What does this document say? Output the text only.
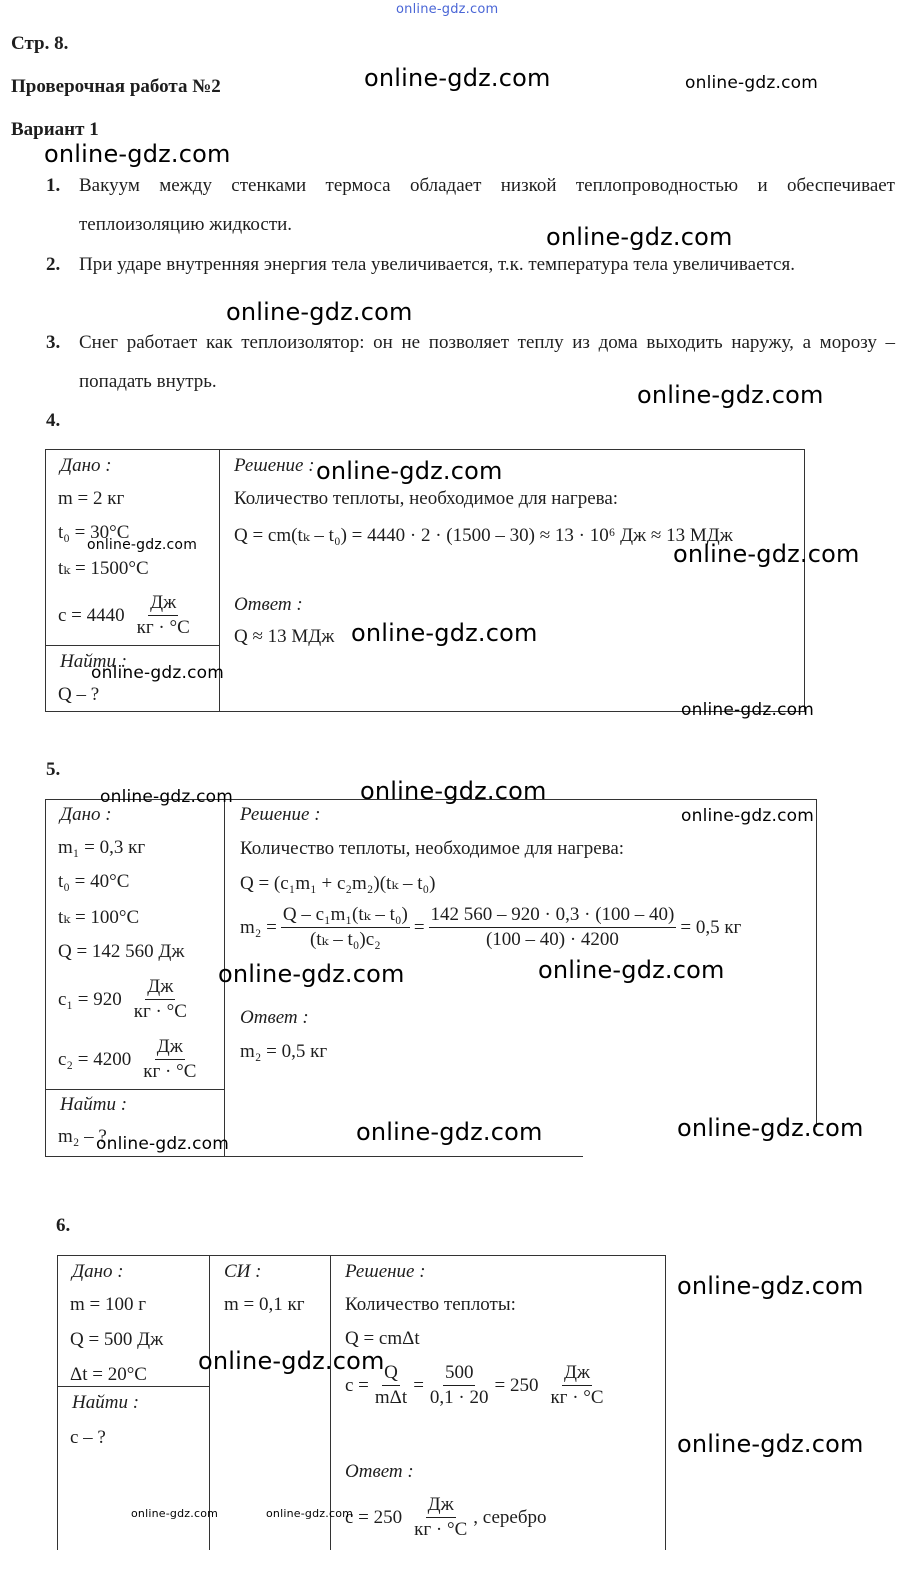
online-gdz.com
Стр. 8.
Проверочная работа №2
Вариант 1
1. Вакуум между стенками термоса обладает низкой теплопроводностью и обеспечивает теплоизоляцию жидкости.
2. При ударе внутренняя энергия тела увеличивается, т.к. температура тела увеличивается.
3. Снег работает как теплоизолятор: он не позволяет теплу из дома выходить наружу, а морозу – попадать внутрь.
4.
Дано :
m = 2 кг
t₀ = 30°C
tₖ = 1500°C
$c = 4440 \frac{Дж}{кг \cdot ^\circ C}$
Найти :
Q – ?
Решение :
Количество теплоты, необходимое для нагрева:
Q = cm(tₖ – t₀) = 4440 · 2 · (1500 – 30) ≈ 13 · 10⁶ Дж ≈ 13 МДж
Ответ :
Q ≈ 13 МДж
5.
Дано :
m₁ = 0,3 кг
t₀ = 40°C
tₖ = 100°C
Q = 142 560 Дж
$c_1 = 920 \frac{Дж}{кг \cdot ^\circ C}$
$c_2 = 4200 \frac{Дж}{кг \cdot ^\circ C}$
Найти :
m₂ – ?
Решение :
Количество теплоты, необходимое для нагрева:
Q = (c₁m₁ + c₂m₂)(tₖ – t₀)
$m_2 = \frac{\text{Q – c₁m₁(tₖ – t₀)}}{\text{(tₖ – t₀)c₂}} = \frac{142 560 - 920 \cdot 0,3 \cdot (100 - 40)}{(100 - 40) \cdot 4200} = 0,5$ кг
Ответ :
m₂ = 0,5 кг
6.
Дано :
m = 100 г
Q = 500 Дж
Δt = 20°C
Найти :
c – ?
СИ :
m = 0,1 кг
Решение :
Количество теплоты:
Q = cmΔt
$c = \frac{Q}{\text{mΔt}} = \frac{500}{0,1 \cdot 20} = 250 \frac{Дж}{кг \cdot ^\circ C}$
Ответ :
$c = 250 \frac{Дж}{кг \cdot ^\circ C}$ , серебро
online-gdz.com	online-gdz.com
online-gdz.com
online-gdz.com
online-gdz.com
online-gdz.com
online-gdz.com
online-gdz.com	online-gdz.com
online-gdz.com
online-gdz.com
online-gdz.com
online-gdz.com
online-gdz.com
online-gdz.com
online-gdz.com	online-gdz.com
online-gdz.com	online-gdz.com
online-gdz.com
online-gdz.com
online-gdz.com
online-gdz.com
online-gdz.com	online-gdz.com
